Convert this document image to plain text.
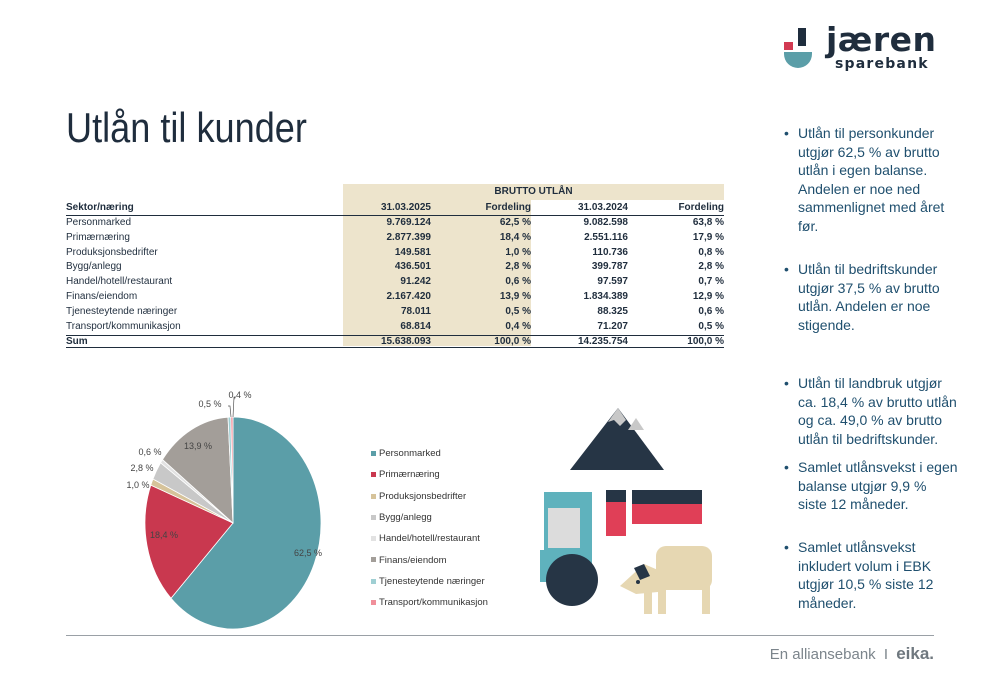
jæren
sparebank
Utlån til kunder
BRUTTO UTLÅN
Sektor/næring	31.03.2025	Fordeling	31.03.2024	Fordeling
Personmarked	9.769.124	62,5 %	9.082.598	63,8 %
Primærnæring	2.877.399	18,4 %	2.551.116	17,9 %
Produksjonsbedrifter	149.581	1,0 %	110.736	0,8 %
Bygg/anlegg	436.501	2,8 %	399.787	2,8 %
Handel/hotell/restaurant	91.242	0,6 %	97.597	0,7 %
Finans/eiendom	2.167.420	13,9 %	1.834.389	12,9 %
Tjenesteytende næringer	78.011	0,5 %	88.325	0,6 %
Transport/kommunikasjon	68.814	0,4 %	71.207	0,5 %
Sum	15.638.093	100,0 %	14.235.754	100,0 %
62,5 %
18,4 %
1,0 %
2,8 %
0,6 %
13,9 %
0,5 %
0,4 %
Personmarked
Primærnæring
Produksjonsbedrifter
Bygg/anlegg
Handel/hotell/restaurant
Finans/eiendom
Tjenesteytende næringer
Transport/kommunikasjon
• Utlån til personkunder utgjør 62,5 % av brutto utlån i egen balanse. Andelen er noe ned sammenlignet med året før.
• Utlån til bedriftskunder utgjør 37,5 % av brutto utlån. Andelen er noe stigende.
• Utlån til landbruk utgjør ca. 18,4 % av brutto utlån og ca. 49,0 % av brutto utlån til bedriftskunder.
• Samlet utlånsvekst i egen balanse utgjør 9,9 % siste 12 måneder.
• Samlet utlånsvekst inkludert volum i EBK utgjør 10,5 % siste 12 måneder.
En alliansebank I eika.
